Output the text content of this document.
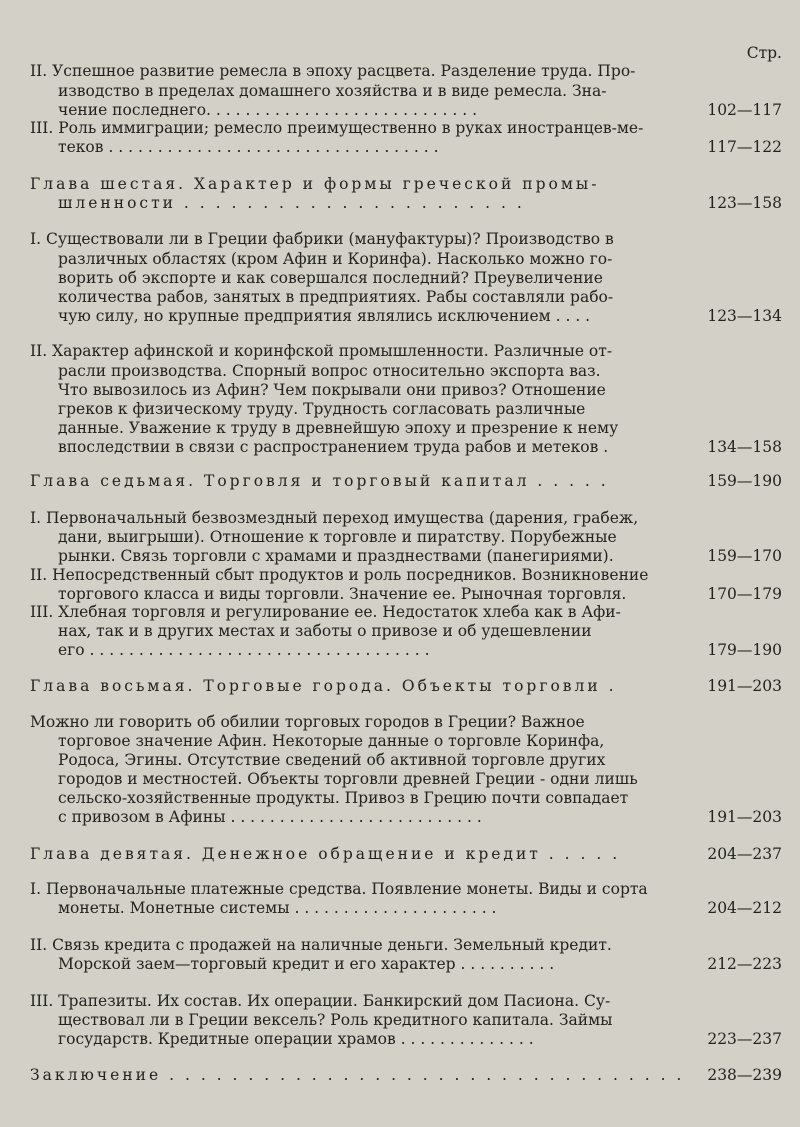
Стр.
II. Успешное развитие ремесла в эпоху расцвета. Разделение труда. Про-
изводство в пределах домашнего хозяйства и в виде ремесла. Зна-
чение последнего. . . . . . . . . . . . . . . . . . . . . . . . . . . .	102—117
III. Роль иммиграции; ремесло преимущественно в руках иностранцев-ме-
теков . . . . . . . . . . . . . . . . . . . . . . . . . . . . . . . . . .	117—122
Глава шестая. Характер и формы греческой промы-
шленности . . . . . . . . . . . . . . . . . . . . . .	123—158
I. Существовали ли в Греции фабрики (мануфактуры)? Производство в
различных областях (кром Афин и Коринфа). Насколько можно го-
ворить об экспорте и как совершался последний? Преувеличение
количества рабов, занятых в предприятиях. Рабы составляли рабо-
чую силу, но крупные предприятия являлись исключением . . . .	123—134
II. Характер афинской и коринфской промышленности. Различные от-
расли производства. Спорный вопрос относительно экспорта ваз.
Что вывозилось из Афин? Чем покрывали они привоз? Отношение
греков к физическому труду. Трудность согласовать различные
данные. Уважение к труду в древнейшую эпоху и презрение к нему
впоследствии в связи с распространением труда рабов и метеков .	134—158
Глава седьмая. Торговля и торговый капитал . . . . .	159—190
I. Первоначальный безвозмездный переход имущества (дарения, грабеж,
дани, выигрыши). Отношение к торговле и пиратству. Порубежные
рынки. Связь торговли с храмами и празднествами (панегириями).	159—170
II. Непосредственный сбыт продуктов и роль посредников. Возникновение
торгового класса и виды торговли. Значение ее. Рыночная торговля.	170—179
III. Хлебная торговля и регулирование ее. Недостаток хлеба как в Афи-
нах, так и в других местах и заботы о привозе и об удешевлении
его . . . . . . . . . . . . . . . . . . . . . . . . . . . . . . . . . . .	179—190
Глава восьмая. Торговые города. Объекты торговли .	191—203
Можно ли говорить об обилии торговых городов в Греции? Важное
торговое значение Афин. Некоторые данные о торговле Коринфа,
Родоса, Эгины. Отсутствие сведений об активной торговле других
городов и местностей. Объекты торговли древней Греции - одни лишь
сельско-хозяйственные продукты. Привоз в Грецию почти совпадает
с привозом в Афины . . . . . . . . . . . . . . . . . . . . . . . . . .	191—203
Глава девятая. Денежное обращение и кредит . . . . .	204—237
I. Первоначальные платежные средства. Появление монеты. Виды и сорта
монеты. Монетные системы . . . . . . . . . . . . . . . . . . . . .	204—212
II. Связь кредита с продажей на наличные деньги. Земельный кредит.
Морской заем—торговый кредит и его характер . . . . . . . . . .	212—223
III. Трапезиты. Их состав. Их операции. Банкирский дом Пасиона. Су-
ществовал ли в Греции вексель? Роль кредитного капитала. Займы
государств. Кредитные операции храмов . . . . . . . . . . . . . .	223—237
Заключение . . . . . . . . . . . . . . . . . . . . . . . . . . . . . . . . .	238—239
